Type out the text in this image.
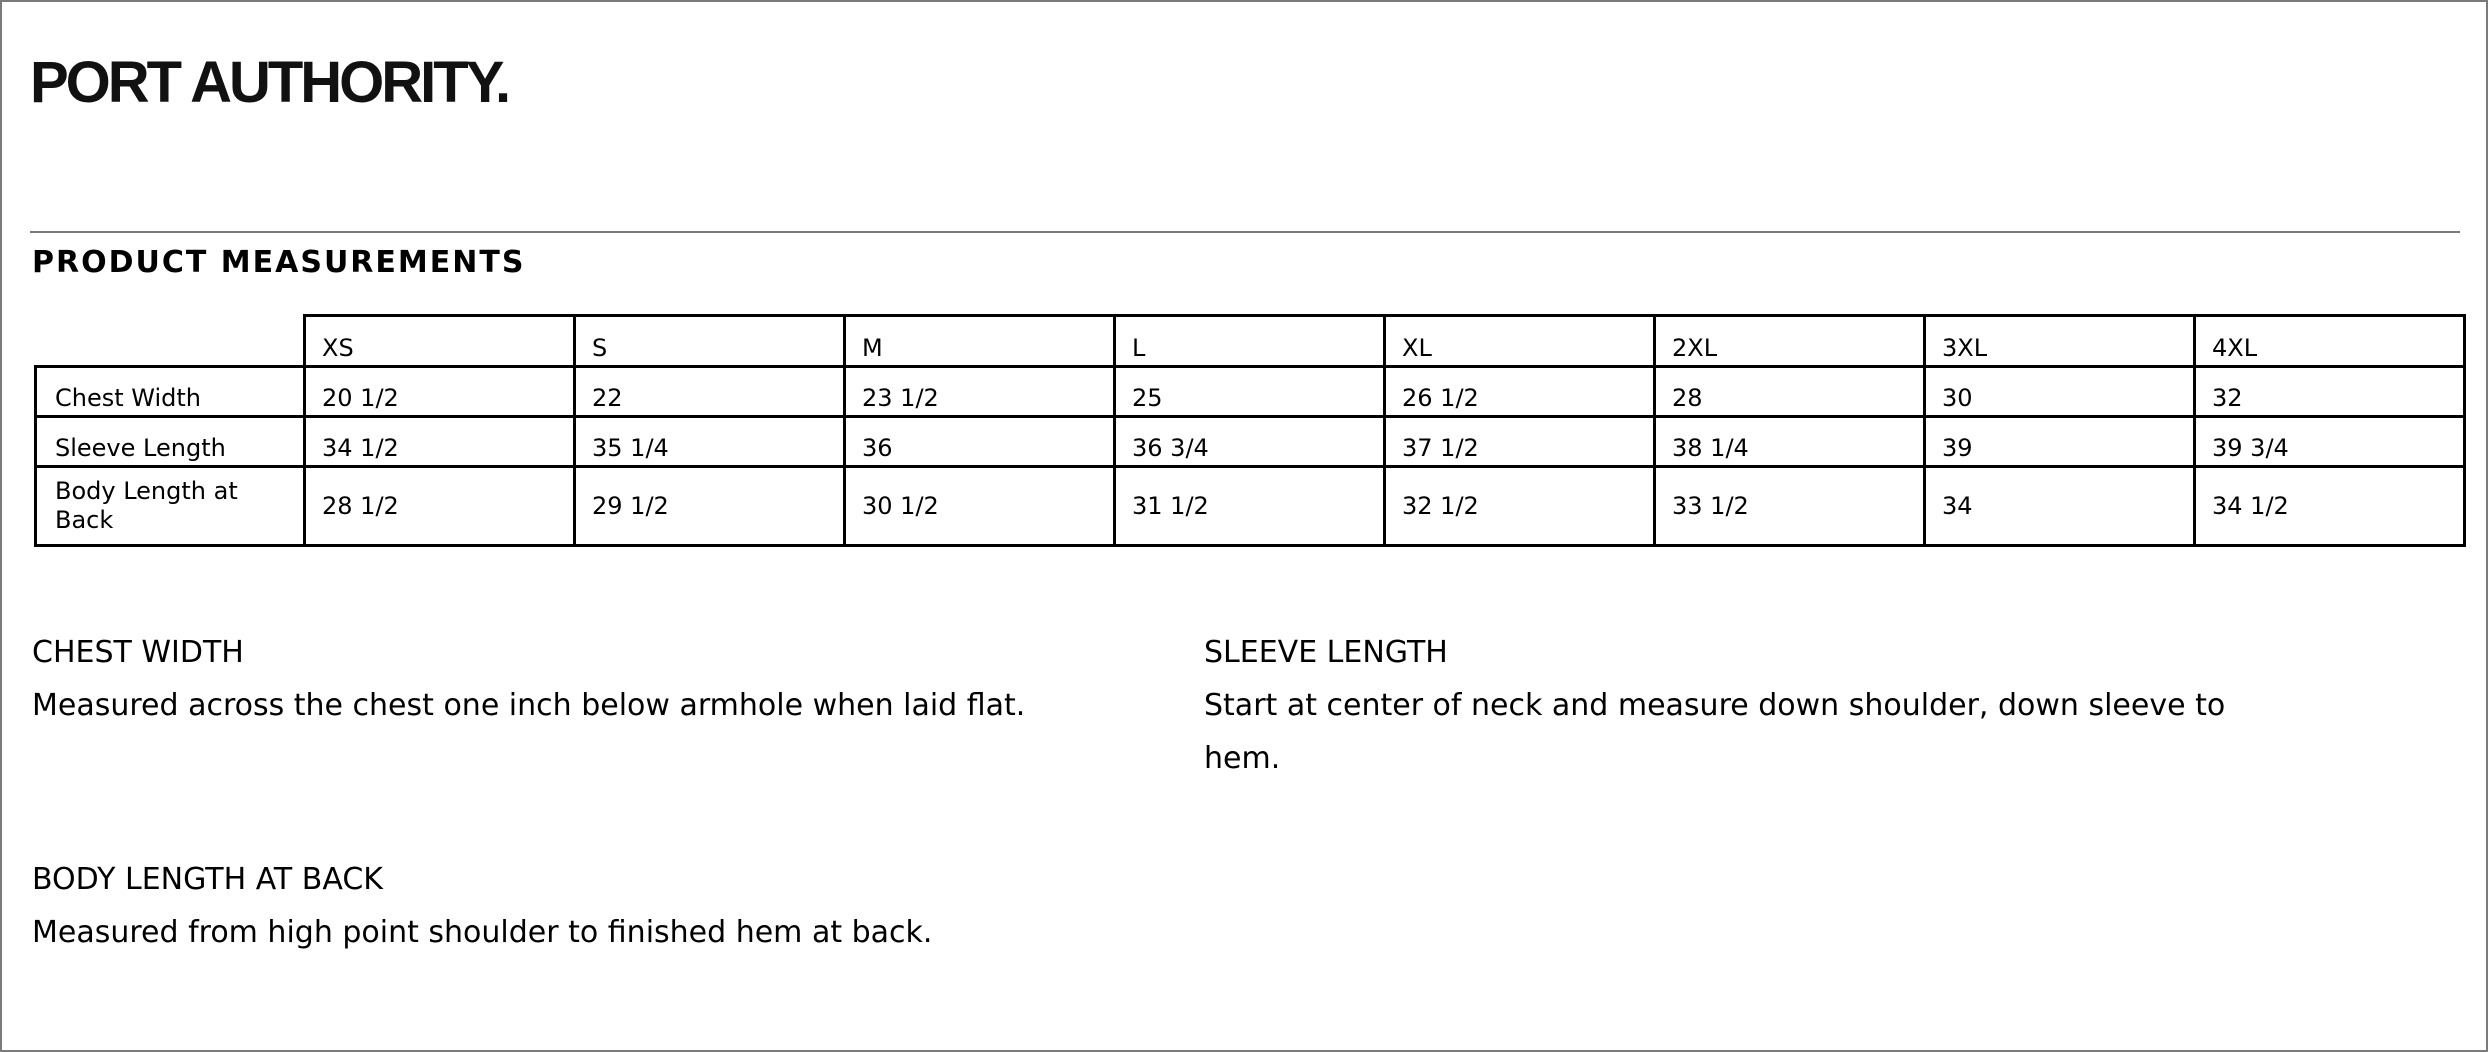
PORT AUTHORITY.
PRODUCT MEASUREMENTS
	XS	S	M	L	XL	2XL	3XL	4XL
Chest Width	20 1/2	22	23 1/2	25	26 1/2	28	30	32
Sleeve Length	34 1/2	35 1/4	36	36 3/4	37 1/2	38 1/4	39	39 3/4
Body Length at Back	28 1/2	29 1/2	30 1/2	31 1/2	32 1/2	33 1/2	34	34 1/2
CHEST WIDTH
Measured across the chest one inch below armhole when laid flat.
SLEEVE LENGTH
Start at center of neck and measure down shoulder, down sleeve to hem.
BODY LENGTH AT BACK
Measured from high point shoulder to finished hem at back.
